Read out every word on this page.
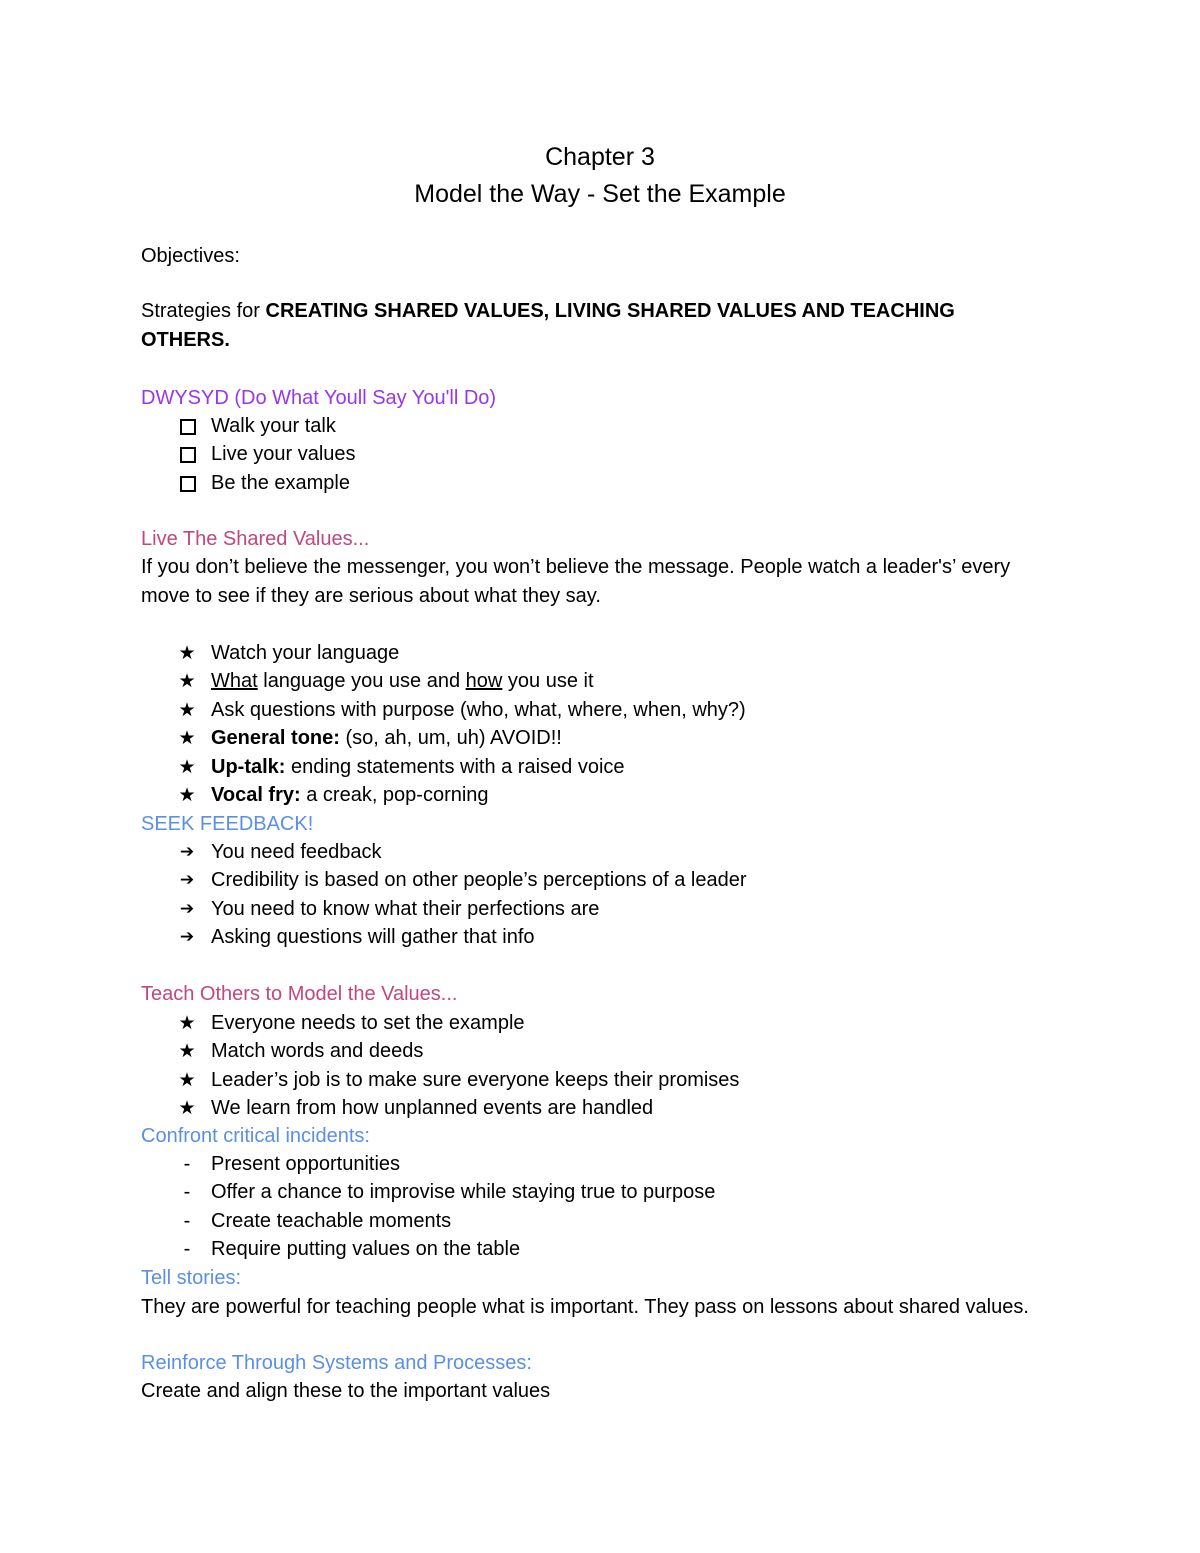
Chapter 3
Model the Way - Set the Example

Objectives:

Strategies for CREATING SHARED VALUES, LIVING SHARED VALUES AND TEACHING OTHERS.

DWYSYD (Do What Youll Say You'll Do)

Walk your talk
Live your values
Be the example

Live The Shared Values...

If you don’t believe the messenger, you won’t believe the message. People watch a leader's’ every move to see if they are serious about what they say.

★ Watch your language
★ What language you use and how you use it
★ Ask questions with purpose (who, what, where, when, why?)
★ General tone: (so, ah, um, uh) AVOID!!
★ Up-talk: ending statements with a raised voice
★ Vocal fry: a creak, pop-corning

SEEK FEEDBACK!

➔ You need feedback
➔ Credibility is based on other people’s perceptions of a leader
➔ You need to know what their perfections are
➔ Asking questions will gather that info

Teach Others to Model the Values...

★ Everyone needs to set the example
★ Match words and deeds
★ Leader’s job is to make sure everyone keeps their promises
★ We learn from how unplanned events are handled

Confront critical incidents:

-	Present opportunities
-	Offer a chance to improvise while staying true to purpose
-	Create teachable moments
-	Require putting values on the table

Tell stories:

They are powerful for teaching people what is important. They pass on lessons about shared values.

Reinforce Through Systems and Processes:

Create and align these to the important values
